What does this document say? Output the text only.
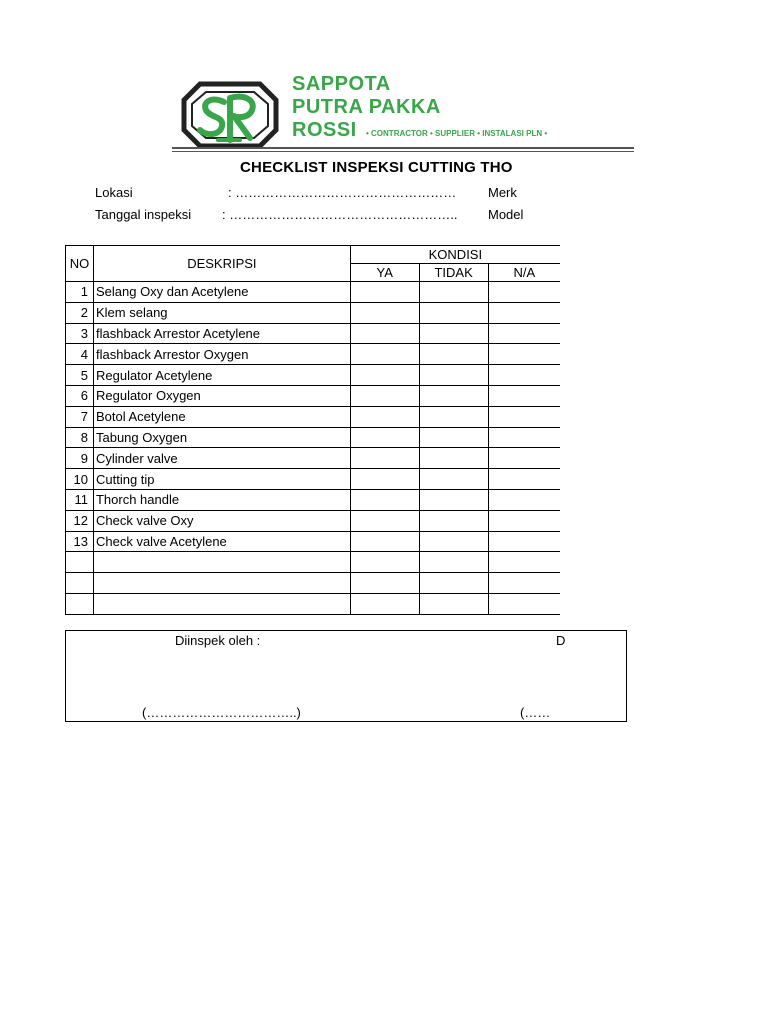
SAPPOTA
PUTRA PAKKA
ROSSI • CONTRACTOR • SUPPLIER • INSTALASI PLN •
CHECKLIST INSPEKSI CUTTING THO
Lokasi	: …………………………………………… Merk
Tanggal inspeksi : …………………………………………….. Model
NO	DESKRIPSI	KONDISI		
		YA	TIDAK	N/A
1	Selang Oxy dan Acetylene			
2	Klem selang			
3	flashback Arrestor Acetylene			
4	flashback Arrestor Oxygen			
5	Regulator Acetylene			
6	Regulator Oxygen			
7	Botol Acetylene			
8	Tabung Oxygen			
9	Cylinder valve			
10	Cutting tip			
11	Thorch handle			
12	Check valve Oxy			
13	Check valve Acetylene			

Diinspek oleh :	D
(……………………………..)	(……
